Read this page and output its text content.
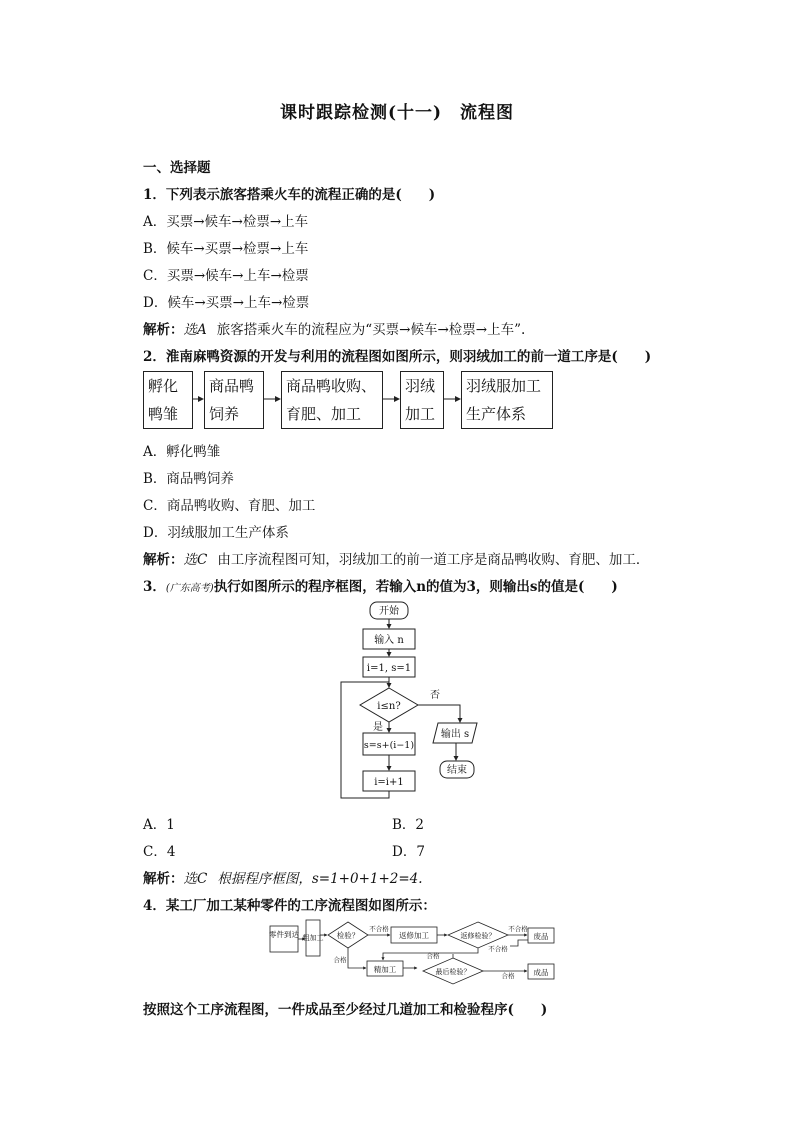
课时跟踪检测(十一)　流程图
一、选择题
1．下列表示旅客搭乘火车的流程正确的是(　　)
A．买票→候车→检票→上车
B．候车→买票→检票→上车
C．买票→候车→上车→检票
D．候车→买票→上车→检票
解析：选A 旅客搭乘火车的流程应为“买票→候车→检票→上车”.
2．淮南麻鸭资源的开发与利用的流程图如图所示，则羽绒加工的前一道工序是(　　)
孵化
鸭雏
商品鸭
饲养
商品鸭收购、
育肥、加工
羽绒
加工
羽绒服加工
生产体系
A．孵化鸭雏
B．商品鸭饲养
C．商品鸭收购、育肥、加工
D．羽绒服加工生产体系
解析：选C 由工序流程图可知，羽绒加工的前一道工序是商品鸭收购、育肥、加工．
3．(广东高考)执行如图所示的程序框图，若输入n的值为3，则输出s的值是(　　)
开始
输入 n
i=1, s=1
i≤n?
否
是
s=s+(i−1)
i=i+1
输出 s
结束
A．1	B．2
C．4	D．7
解析：选C 根据程序框图，s=1+0+1+2=4.
4．某工厂加工某种零件的工序流程图如图所示：
零件到达 粗加工 检验？
不合格
返修加工	返修检验？
不合格
不合格
废品
合格	合格
精加工	最后检验？	合格	成品
按照这个工序流程图，一件成品至少经过几道加工和检验程序(　　)
